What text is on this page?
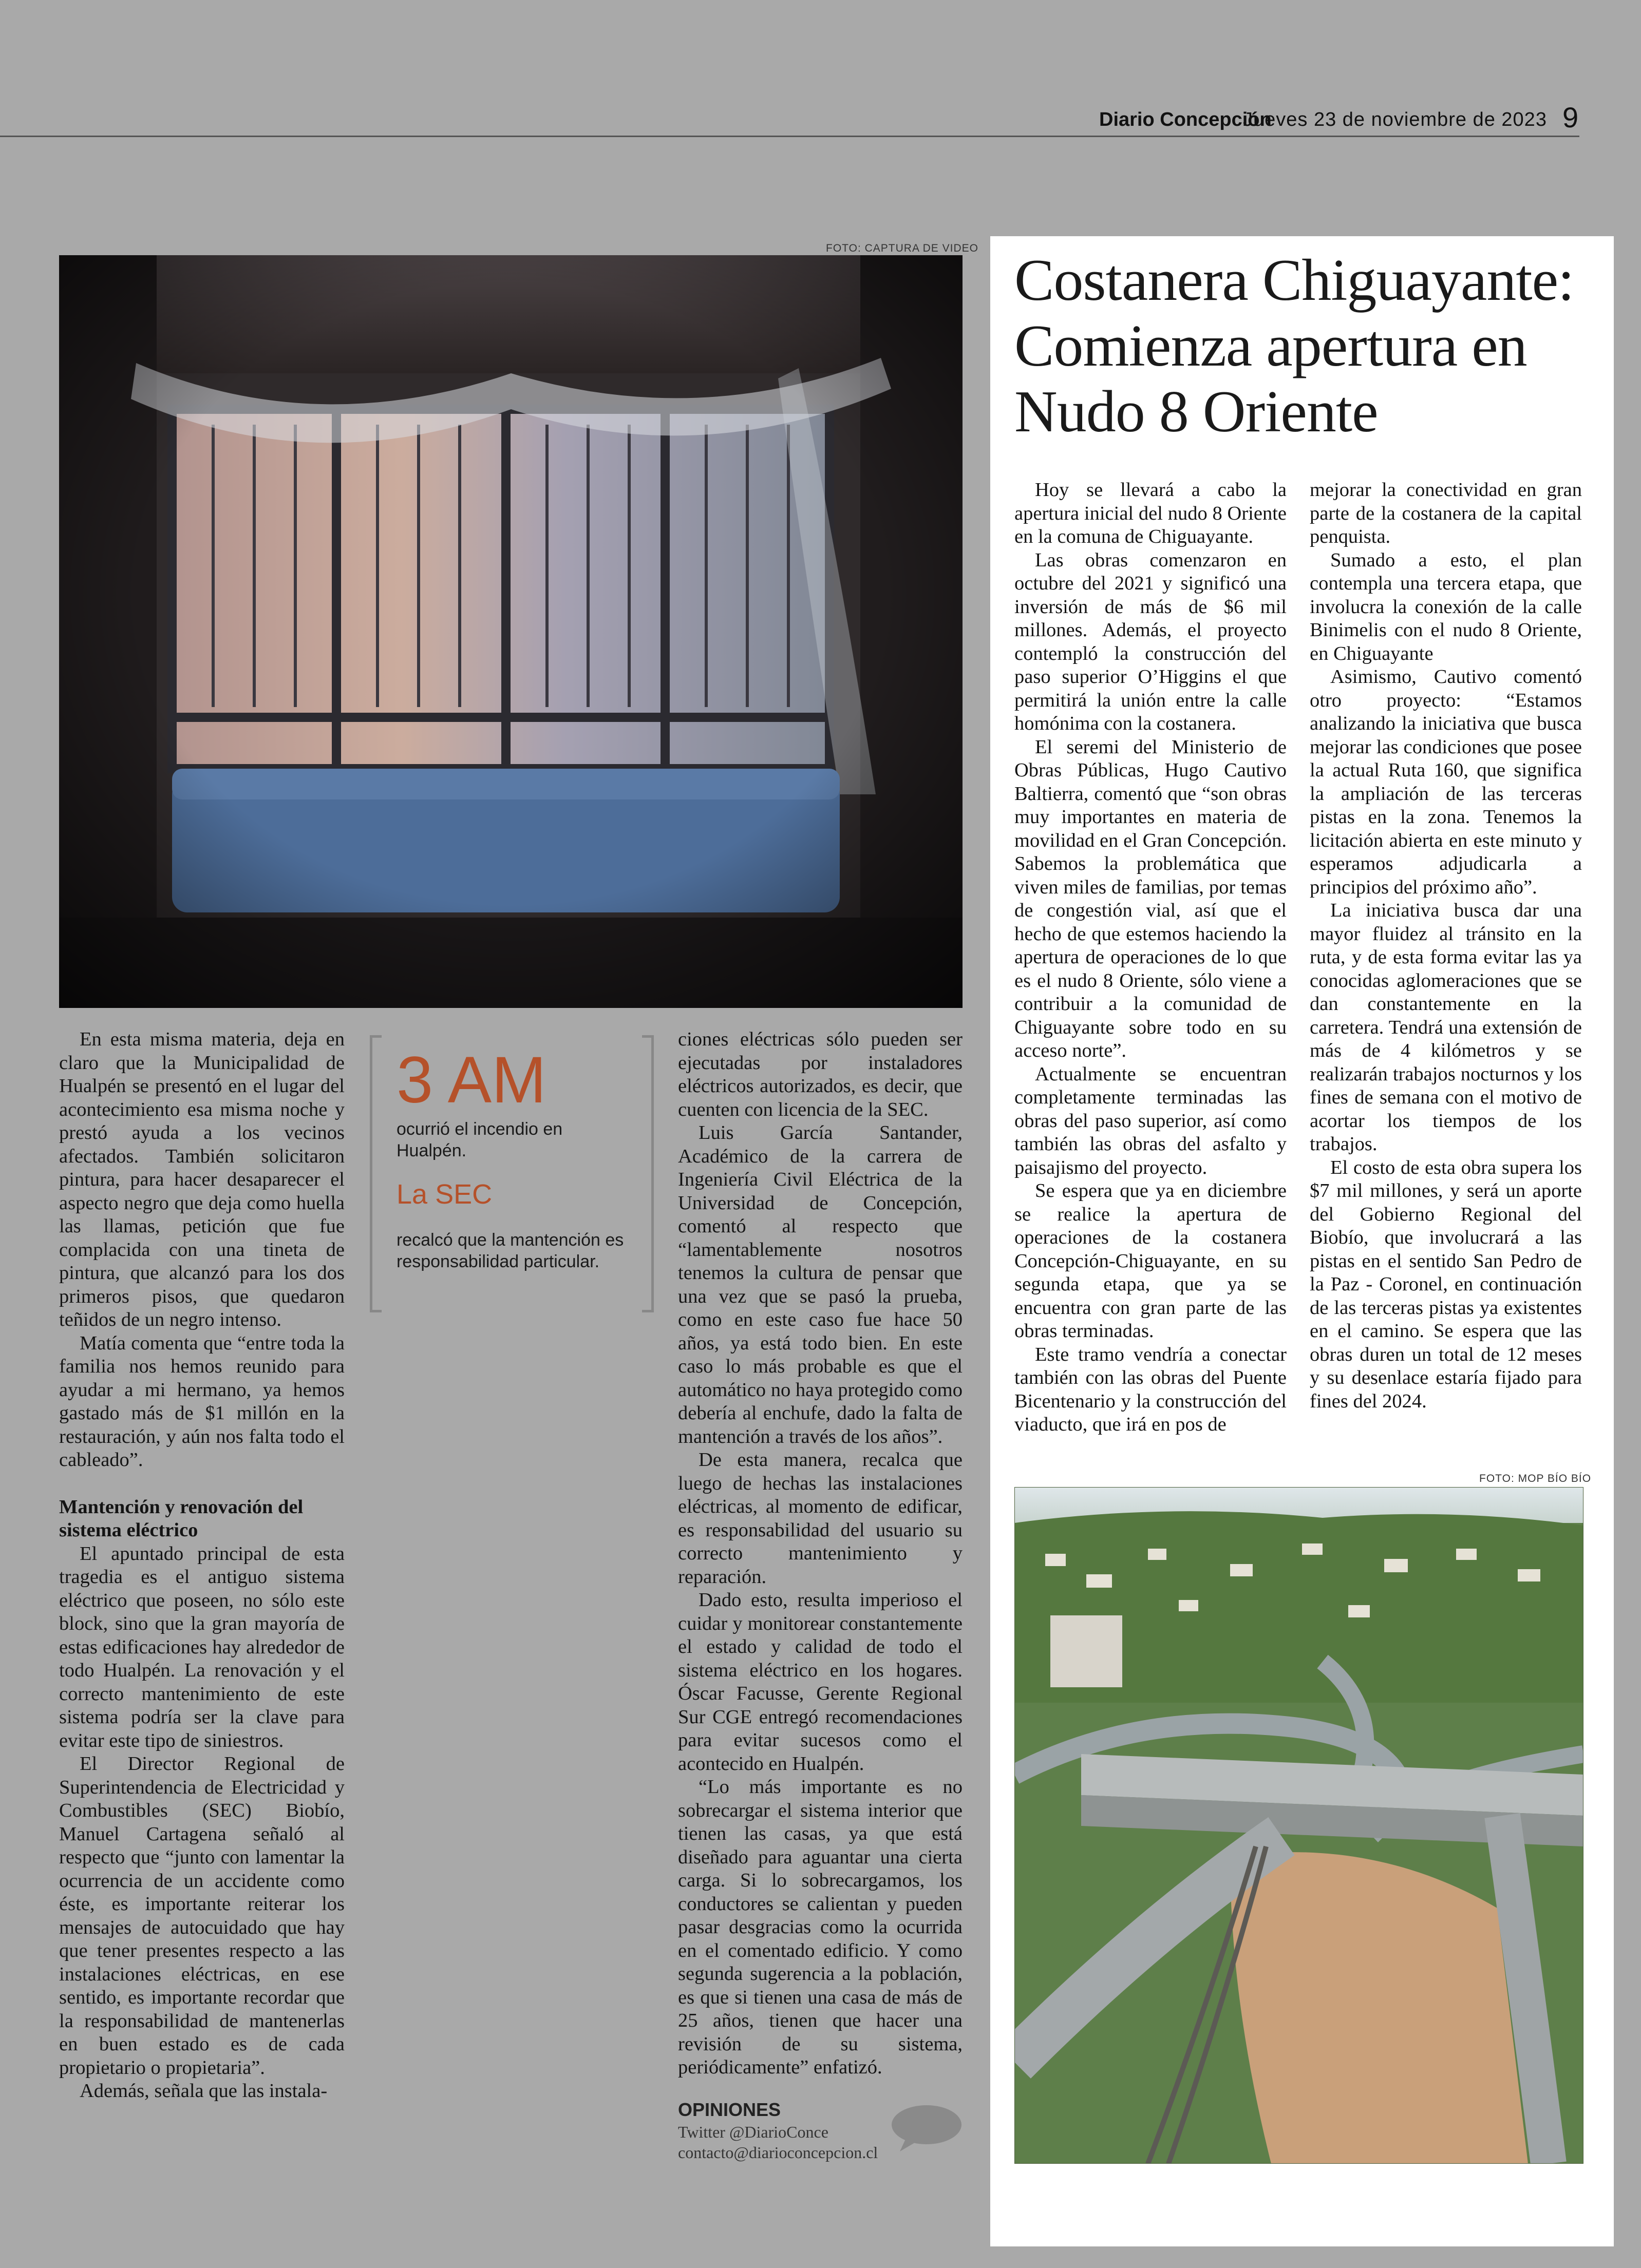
Diario Concepción
Jueves 23 de noviembre de 2023 9
FOTO: CAPTURA DE VIDEO

En esta misma materia, deja en claro que la Municipalidad de Hualpén se presentó en el lugar del acontecimiento esa misma noche y prestó ayuda a los vecinos afectados. También solicitaron pintura, para hacer desaparecer el aspecto negro que deja como huella las llamas, petición que fue complacida con una tineta de pintura, que alcanzó para los dos primeros pisos, que quedaron teñidos de un negro intenso.

Matía comenta que “entre toda la familia nos hemos reunido para ayudar a mi hermano, ya hemos gastado más de $1 millón en la restauración, y aún nos falta todo el cableado”.

Mantención y renovación del sistema eléctrico

El apuntado principal de esta tragedia es el antiguo sistema eléctrico que poseen, no sólo este block, sino que la gran mayoría de estas edificaciones hay alrededor de todo Hualpén. La renovación y el correcto mantenimiento de este sistema podría ser la clave para evitar este tipo de siniestros.

El Director Regional de Superintendencia de Electricidad y Combustibles (SEC) Biobío, Manuel Cartagena señaló al respecto que “junto con lamentar la ocurrencia de un accidente como éste, es importante reiterar los mensajes de autocuidado que hay que tener presentes respecto a las instalaciones eléctricas, en ese sentido, es importante recordar que la responsabilidad de mantenerlas en buen estado es de cada propietario o propietaria”.

Además, señala que las instala-

3 AM
ocurrió el incendio en Hualpén.
La SEC
recalcó que la mantención es responsabilidad particular.

ciones eléctricas sólo pueden ser ejecutadas por instaladores eléctricos autorizados, es decir, que cuenten con licencia de la SEC.

Luis García Santander, Académico de la carrera de Ingeniería Civil Eléctrica de la Universidad de Concepción, comentó al respecto que “lamentablemente nosotros tenemos la cultura de pensar que una vez que se pasó la prueba, como en este caso fue hace 50 años, ya está todo bien. En este caso lo más probable es que el automático no haya protegido como debería al enchufe, dado la falta de mantención a través de los años”.

De esta manera, recalca que luego de hechas las instalaciones eléctricas, al momento de edificar, es responsabilidad del usuario su correcto mantenimiento y reparación.

Dado esto, resulta imperioso el cuidar y monitorear constantemente el estado y calidad de todo el sistema eléctrico en los hogares. Óscar Facusse, Gerente Regional Sur CGE entregó recomendaciones para evitar sucesos como el acontecido en Hualpén.

“Lo más importante es no sobrecargar el sistema interior que tienen las casas, ya que está diseñado para aguantar una cierta carga. Si lo sobrecargamos, los conductores se calientan y pueden pasar desgracias como la ocurrida en el comentado edificio. Y como segunda sugerencia a la población, es que si tienen una casa de más de 25 años, tienen que hacer una revisión de su sistema, periódicamente” enfatizó.

OPINIONES
Twitter @DiarioConce
contacto@diarioconcepcion.cl
Costanera Chiguayante:
Comienza apertura en
Nudo 8 Oriente

Hoy se llevará a cabo la apertura inicial del nudo 8 Oriente en la comuna de Chiguayante.

Las obras comenzaron en octubre del 2021 y significó una inversión de más de $6 mil millones. Además, el proyecto contempló la construcción del paso superior O’Higgins el que permitirá la unión entre la calle homónima con la costanera.

El seremi del Ministerio de Obras Públicas, Hugo Cautivo Baltierra, comentó que “son obras muy importantes en materia de movilidad en el Gran Concepción. Sabemos la problemática que viven miles de familias, por temas de congestión vial, así que el hecho de que estemos haciendo la apertura de operaciones de lo que es el nudo 8 Oriente, sólo viene a contribuir a la comunidad de Chiguayante sobre todo en su acceso norte”.

Actualmente se encuentran completamente terminadas las obras del paso superior, así como también las obras del asfalto y paisajismo del proyecto.

Se espera que ya en diciembre se realice la apertura de operaciones de la costanera Concepción-Chiguayante, en su segunda etapa, que ya se encuentra con gran parte de las obras terminadas.

Este tramo vendría a conectar también con las obras del Puente Bicentenario y la construcción del viaducto, que irá en pos de

mejorar la conectividad en gran parte de la costanera de la capital penquista.

Sumado a esto, el plan contempla una tercera etapa, que involucra la conexión de la calle Binimelis con el nudo 8 Oriente, en Chiguayante

Asimismo, Cautivo comentó otro proyecto: “Estamos analizando la iniciativa que busca mejorar las condiciones que posee la actual Ruta 160, que significa la ampliación de las terceras pistas en la zona. Tenemos la licitación abierta en este minuto y esperamos adjudicarla a principios del próximo año”.

La iniciativa busca dar una mayor fluidez al tránsito en la ruta, y de esta forma evitar las ya conocidas aglomeraciones que se dan constantemente en la carretera. Tendrá una extensión de más de 4 kilómetros y se realizarán trabajos nocturnos y los fines de semana con el motivo de acortar los tiempos de los trabajos.

El costo de esta obra supera los $7 mil millones, y será un aporte del Gobierno Regional del Biobío, que involucrará a las pistas en el sentido San Pedro de la Paz - Coronel, en continuación de las terceras pistas ya existentes en el camino. Se espera que las obras duren un total de 12 meses y su desenlace estaría fijado para fines del 2024.

FOTO: MOP BÍO BÍO
